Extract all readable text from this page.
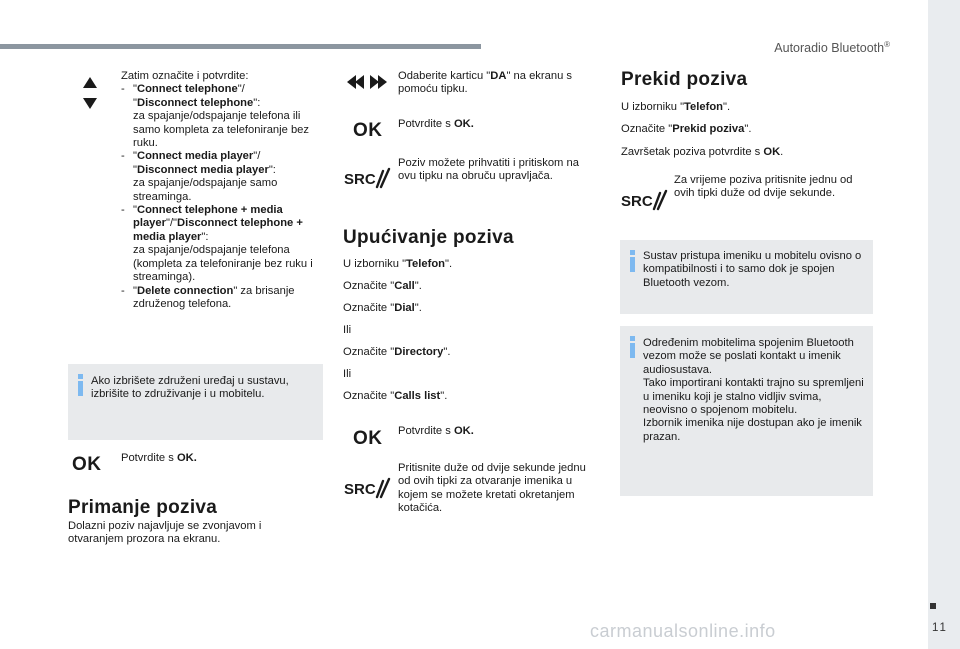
Autoradio Bluetooth®
11
carmanualsonline.info
Zatim označite i potvrdite:
- "Connect telephone"/
"Disconnect telephone":
za spajanje/odspajanje telefona ili samo kompleta za telefoniranje bez ruku.
- "Connect media player"/
"Disconnect media player":
za spajanje/odspajanje samo streaminga.
- "Connect telephone + media player"/"Disconnect telephone + media player":
za spajanje/odspajanje telefona (kompleta za telefoniranje bez ruku i streaminga).
- "Delete connection" za brisanje združenog telefona.
Ako izbrišete združeni uređaj u sustavu, izbrišite to združivanje i u mobitelu.
OK Potvrdite s OK.
Primanje poziva
Dolazni poziv najavljuje se zvonjavom i otvaranjem prozora na ekranu.
Odaberite karticu "DA" na ekranu s pomoću tipku.
OK Potvrdite s OK.
SRC
Poziv možete prihvatiti i pritiskom na ovu tipku na obruču upravljača.
Upućivanje poziva
U izborniku "Telefon".
Označite "Call".
Označite "Dial".
Ili
Označite "Directory".
Ili
Označite "Calls list".
OK Potvrdite s OK.
SRC
Pritisnite duže od dvije sekunde jednu od ovih tipki za otvaranje imenika u kojem se možete kretati okretanjem kotačića.
Prekid poziva
U izborniku "Telefon".
Označite "Prekid poziva".
Završetak poziva potvrdite s OK.
SRC
Za vrijeme poziva pritisnite jednu od ovih tipki duže od dvije sekunde.
Sustav pristupa imeniku u mobitelu ovisno o kompatibilnosti i to samo dok je spojen Bluetooth vezom.
Određenim mobitelima spojenim Bluetooth vezom može se poslati kontakt u imenik audiosustava.
Tako importirani kontakti trajno su spremljeni u imeniku koji je stalno vidljiv svima, neovisno o spojenom mobitelu.
Izbornik imenika nije dostupan ako je imenik prazan.
